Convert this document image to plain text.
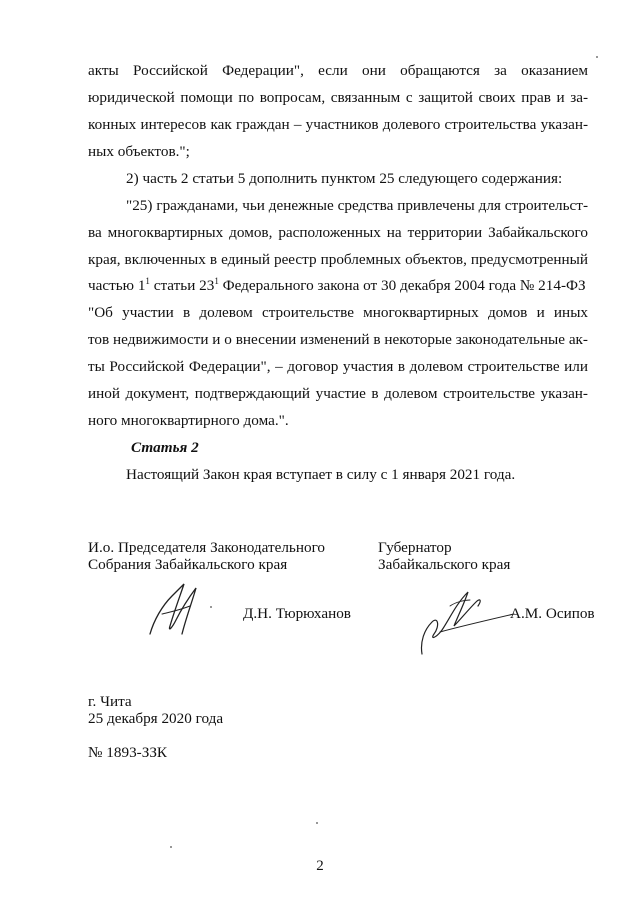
акты Российской Федерации", если они обращаются за оказанием
юридической помощи по вопросам, связанным с защитой своих прав и за-
конных интересов как граждан – участников долевого строительства указан-
ных объектов.";
2) часть 2 статьи 5 дополнить пунктом 25 следующего содержания:
"25) гражданами, чьи денежные средства привлечены для строительст-
ва многоквартирных домов, расположенных на территории Забайкальского
края, включенных в единый реестр проблемных объектов, предусмотренный
частью $1^1$ статьи $23^1$ Федерального закона от 30 декабря 2004 года № 214-ФЗ
"Об участии в долевом строительстве многоквартирных домов и иных
тов недвижимости и о внесении изменений в некоторые законодательные ак-
ты Российской Федерации", – договор участия в долевом строительстве или
иной документ, подтверждающий участие в долевом строительстве указан-
ного многоквартирного дома.".
Статья 2
Настоящий Закон края вступает в силу с 1 января 2021 года.
И.о. Председателя Законодательного
Собрания Забайкальского края
Д.Н. Тюрюханов
Губернатор
Забайкальского края
А.М. Осипов
г. Чита
25 декабря 2020 года
№ 1893-ЗЗК
2
